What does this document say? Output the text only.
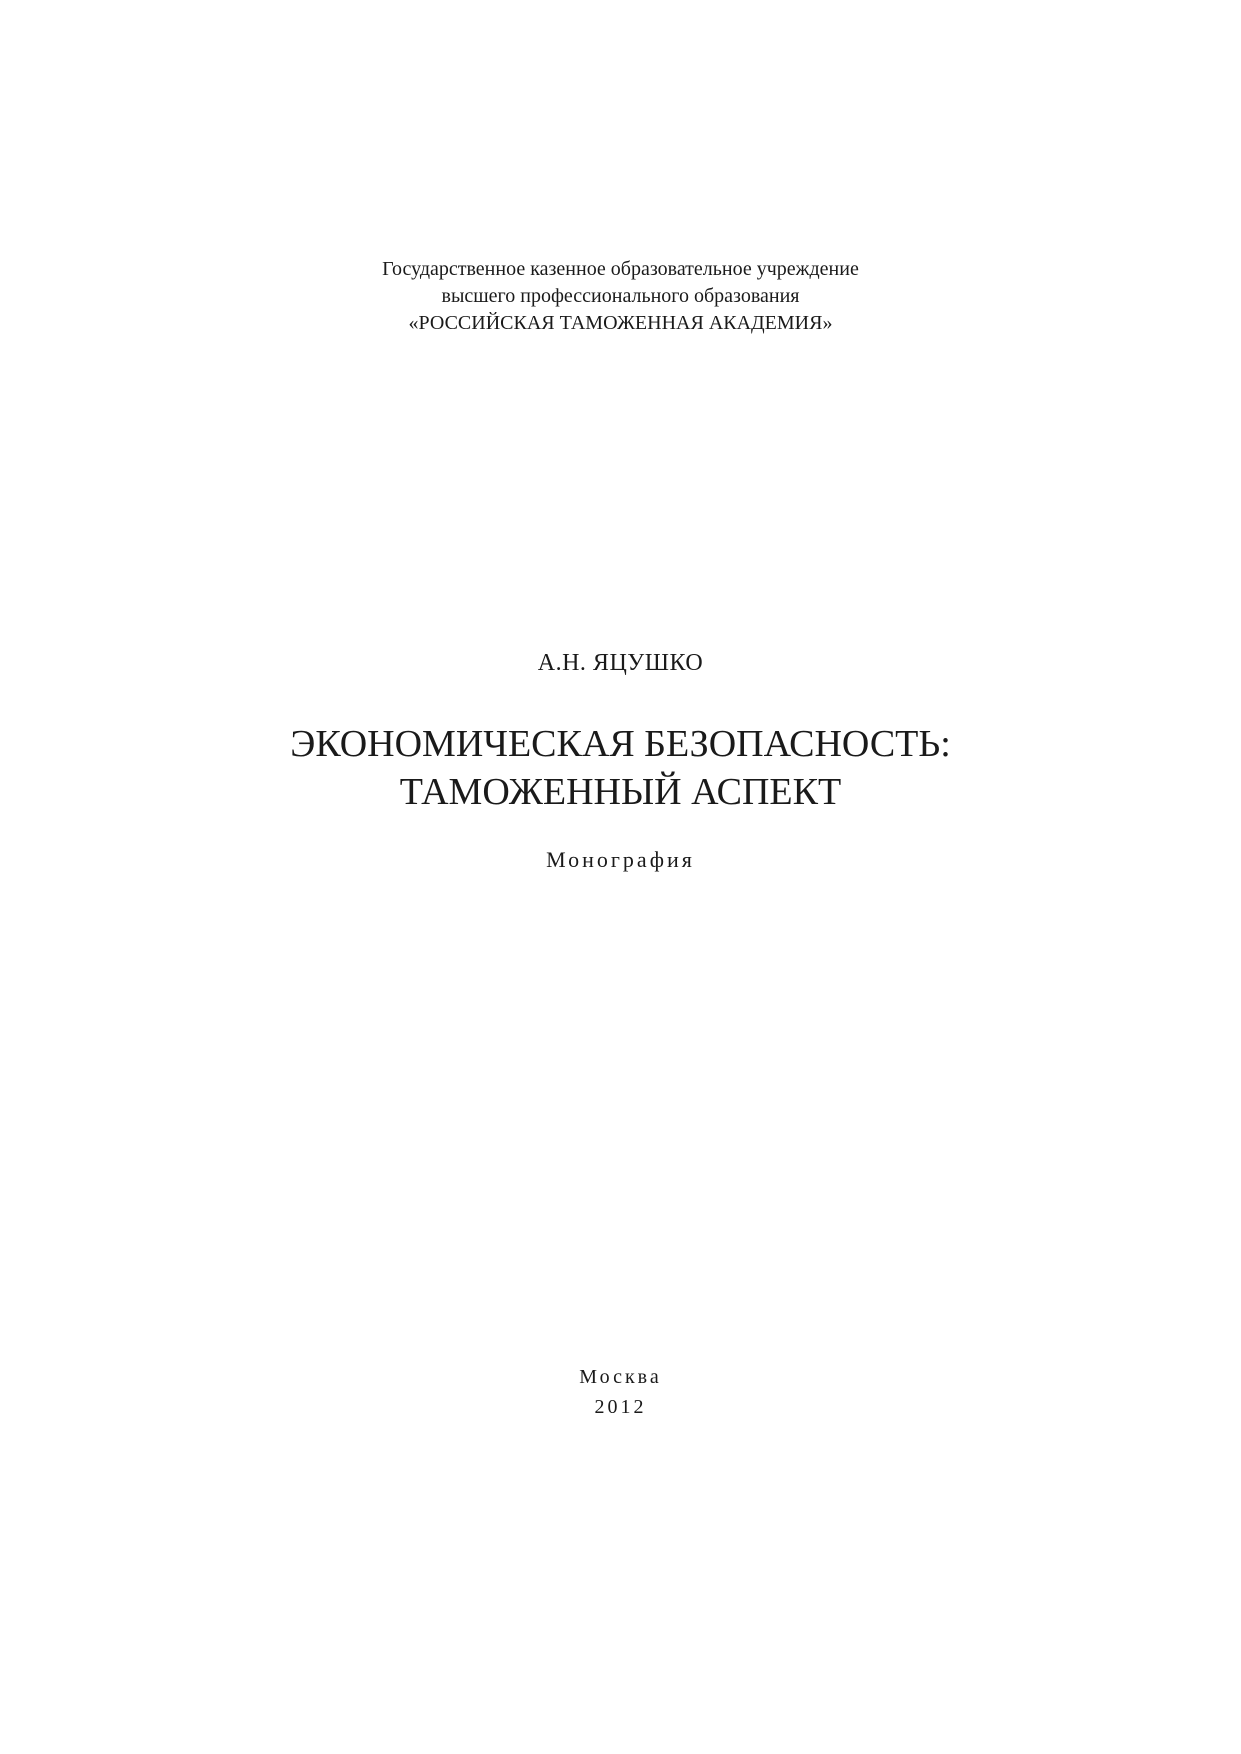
Государственное казенное образовательное учреждение
высшего профессионального образования
«РОССИЙСКАЯ ТАМОЖЕННАЯ АКАДЕМИЯ»
А.Н. ЯЦУШКО
ЭКОНОМИЧЕСКАЯ БЕЗОПАСНОСТЬ:
ТАМОЖЕННЫЙ АСПЕКТ
Монография
Москва
2012
